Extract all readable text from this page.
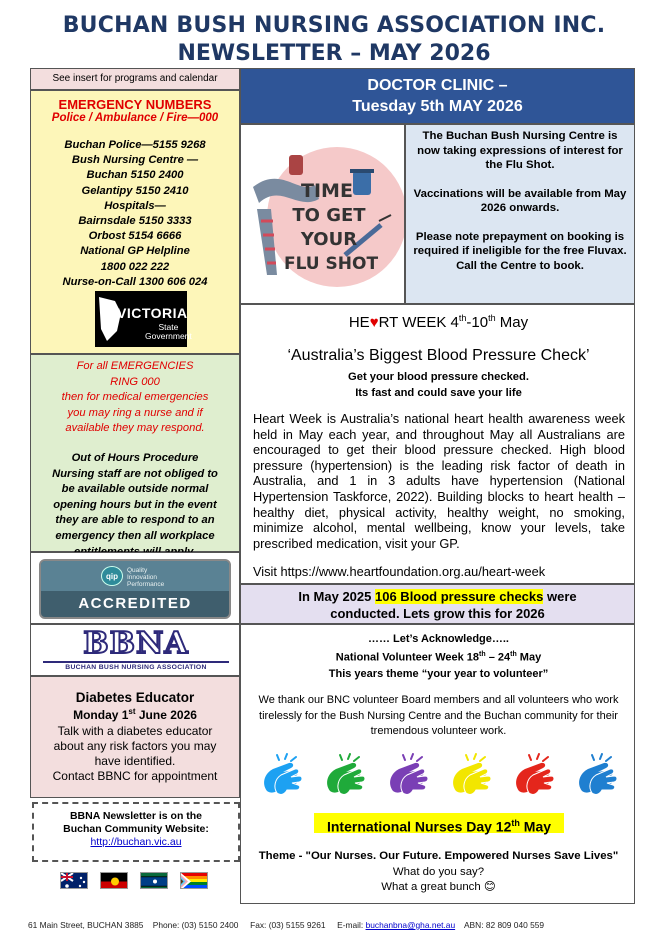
BUCHAN BUSH NURSING ASSOCIATION INC.
NEWSLETTER – MAY 2026
See insert for programs and calendar
EMERGENCY NUMBERS
Police / Ambulance / Fire—000
Buchan Police—5155 9268
Bush Nursing Centre —
Buchan 5150 2400
Gelantipy 5150 2410
Hospitals—
Bairnsdale 5150 3333
Orbost 5154 6666
National GP Helpline
1800 022 222
Nurse-on-Call 1300 606 024
VICTORIA
State
Government
For all EMERGENCIES
RING 000
then for medical emergencies
you may ring a nurse and if
available they may respond.
Out of Hours Procedure
Nursing staff are not obliged to
be available outside normal
opening hours but in the event
they are able to respond to an
emergency then all workplace
qip
Quality
Innovation
Performance
ACCREDITED
BBNA
BUCHAN BUSH NURSING ASSOCIATION
Diabetes Educator
Monday 1st June 2026
Talk with a diabetes educator
about any risk factors you may
have identified.
Contact BBNC for appointment
BBNA Newsletter is on the
Buchan Community Website:
http://buchan.vic.au
DOCTOR CLINIC –
Tuesday 5th MAY 2026
TIME
TO GET
YOUR
FLU SHOT

The Buchan Bush Nursing Centre is now taking expressions of interest for the Flu Shot.

Vaccinations will be available from May 2026 onwards.

Please note prepayment on booking is required if ineligible for the free Fluvax.

Call the Centre to book.

HE♥RT WEEK 4th-10th May
‘Australia’s Biggest Blood Pressure Check’
Get your blood pressure checked.
Its fast and could save your life
Heart Week is Australia’s national heart health awareness week held in May each year, and throughout May all Australians are encouraged to get their blood pressure checked. High blood pressure (hypertension) is the leading risk factor of death in Australia, and 1 in 3 adults have hypertension (National Hypertension Taskforce, 2022). Building blocks to heart health – healthy diet, physical activity, healthy weight, no smoking, minimize alcohol, mental wellbeing, know your levels, take prescribed medication, visit your GP.
Visit https://www.heartfoundation.org.au/heart-week
In May 2025 106 Blood pressure checks were
conducted. Lets grow this for 2026
…… Let’s Acknowledge…..
National Volunteer Week 18th – 24th May
This years theme “your year to volunteer”
We thank our BNC volunteer Board members and all volunteers who work tirelessly for the Bush Nursing Centre and the Buchan community for their tremendous volunteer work.
International Nurses Day 12th May
Theme - "Our Nurses. Our Future. Empowered Nurses Save Lives"
What do you say?
What a great bunch 😊
61 Main Street, BUCHAN 3885 Phone: (03) 5150 2400 Fax: (03) 5155 9261 E-mail: buchanbna@gha.net.au ABN: 82 809 040 559
